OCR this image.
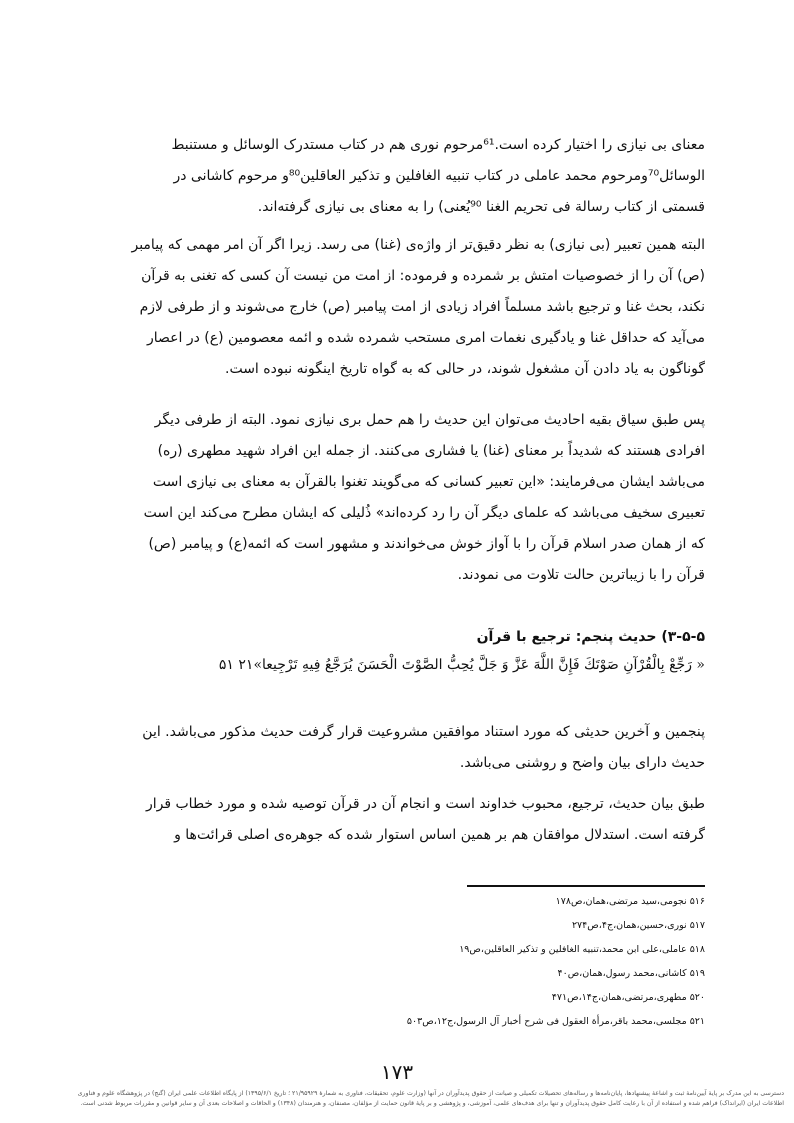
معنای بی نیازی را اختیار کرده است.⁶¹مرحوم نوری هم در کتاب مستدرک الوسائل و مستنبط
الوسائل⁷⁰ومرحوم محمد عاملی در کتاب تنبیه الغافلین و تذکیر العاقلین⁸⁰و مرحوم کاشانی در
قسمتی از کتاب رسالة فی تحریم الغنا ⁹⁰یُعنی) را به معنای بی نیازی گرفته‌اند.
البته همین تعبیر (بی نیازی) به نظر دقیق‌تر از واژه‌ی (غنا) می رسد. زیرا اگر آن امر مهمی که پیامبر
(ص) آن را از خصوصیات امتش بر شمرده و فرموده: از امت من نیست آن کسی که تغنی به قرآن
نکند، بحث غنا و ترجیع باشد مسلماً افراد زیادی از امت پیامبر (ص) خارج می‌شوند و از طرفی لازم
می‌آید که حداقل غنا و یادگیری نغمات امری مستحب شمرده شده و ائمه معصومین (ع) در اعصار
گوناگون به یاد دادن آن مشغول شوند، در حالی که به گواه تاریخ اینگونه نبوده است.
پس طبق سیاق بقیه احادیث می‌توان این حدیث را هم حمل بری نیازی نمود. البته از طرفی دیگر
افرادی هستند که شدیداً بر معنای (غنا) یا فشاری می‌کنند. از جمله این افراد شهید مطهری (ره)
می‌باشد ایشان می‌فرمایند: «این تعبیر کسانی که می‌گویند تغنوا بالقرآن به معنای بی نیازی است
تعبیری سخیف می‌باشد که علمای دیگر آن را رد کرده‌اند» ذُلیلی که ایشان مطرح می‌کند این است
که از همان صدر اسلام قرآن را با آواز خوش می‌خواندند و مشهور است که ائمه(ع) و پیامبر (ص)
قرآن را با زیباترین حالت تلاوت می نمودند.
۳-۵-۵) حدیث پنجم: ترجیع با قرآن
« رَجِّعْ بِالْقُرْآنِ صَوْتَكَ فَإِنَّ اللَّهَ عَزَّ وَ جَلَّ يُحِبُّ الصَّوْتَ الْحَسَنَ يُرَجَّعُ فِيهِ تَرْجِيعا»۲۱ ۵۱
پنجمین و آخرین حدیثی که مورد استناد موافقین مشروعیت قرار گرفت حدیث مذکور می‌باشد. این
حدیث دارای بیان واضح و روشنی می‌باشد.
طبق بیان حدیث، ترجیع، محبوب خداوند است و انجام آن در قرآن توصیه شده و مورد خطاب قرار
گرفته است. استدلال موافقان هم بر همین اساس استوار شده که جوهره‌ی اصلی قرائت‌ها و
۵۱۶ نجومی،سید مرتضی،همان،ص۱۷۸
۵۱۷ نوری،حسین،همان،ج۴،ص۲۷۴
۵۱۸ عاملی،علی ابن محمد،تنبیه الغافلین و تذکیر العاقلین،ص۱۹
۵۱۹ کاشانی،محمد رسول،همان،ص۴۰
۵۲۰ مطهری،مرتضی،همان،ج۱۴،ص۴۷۱
۵۲۱ مجلسی،محمد باقر،مرأة العقول فی شرح أخبار آل الرسول،ج۱۲،ص۵۰۳
۱۷۳
دسترسی به این مدرک بر پایهٔ آیین‌نامهٔ ثبت و اشاعهٔ پیشنهادها، پایان‌نامه‌ها و رساله‌های تحصیلات تکمیلی و صیانت از حقوق پدیدآوران در آنها (وزارت علوم، تحقیقات، فناوری به شمارهٔ ۲۱/۹۵۹۲۹ ؛ تاریخ ۱۳۹۵/۶/۱) از پایگاه اطلاعات علمی ایران (گنج) در پژوهشگاه علوم و فناوری
اطلاعات ایران (ایرانداک) فراهم شده و استفاده از آن با رعایت کامل حقوق پدیدآوران و تنها برای هدف‌های علمی، آموزشی، و پژوهشی و بر پایهٔ قانون حمایت از مؤلفان، مصنفان، و هنرمندان (۱۳۴۸) و الحاقات و اصلاحات بعدی آن و سایر قوانین و مقررات مربوط شدنی است.
